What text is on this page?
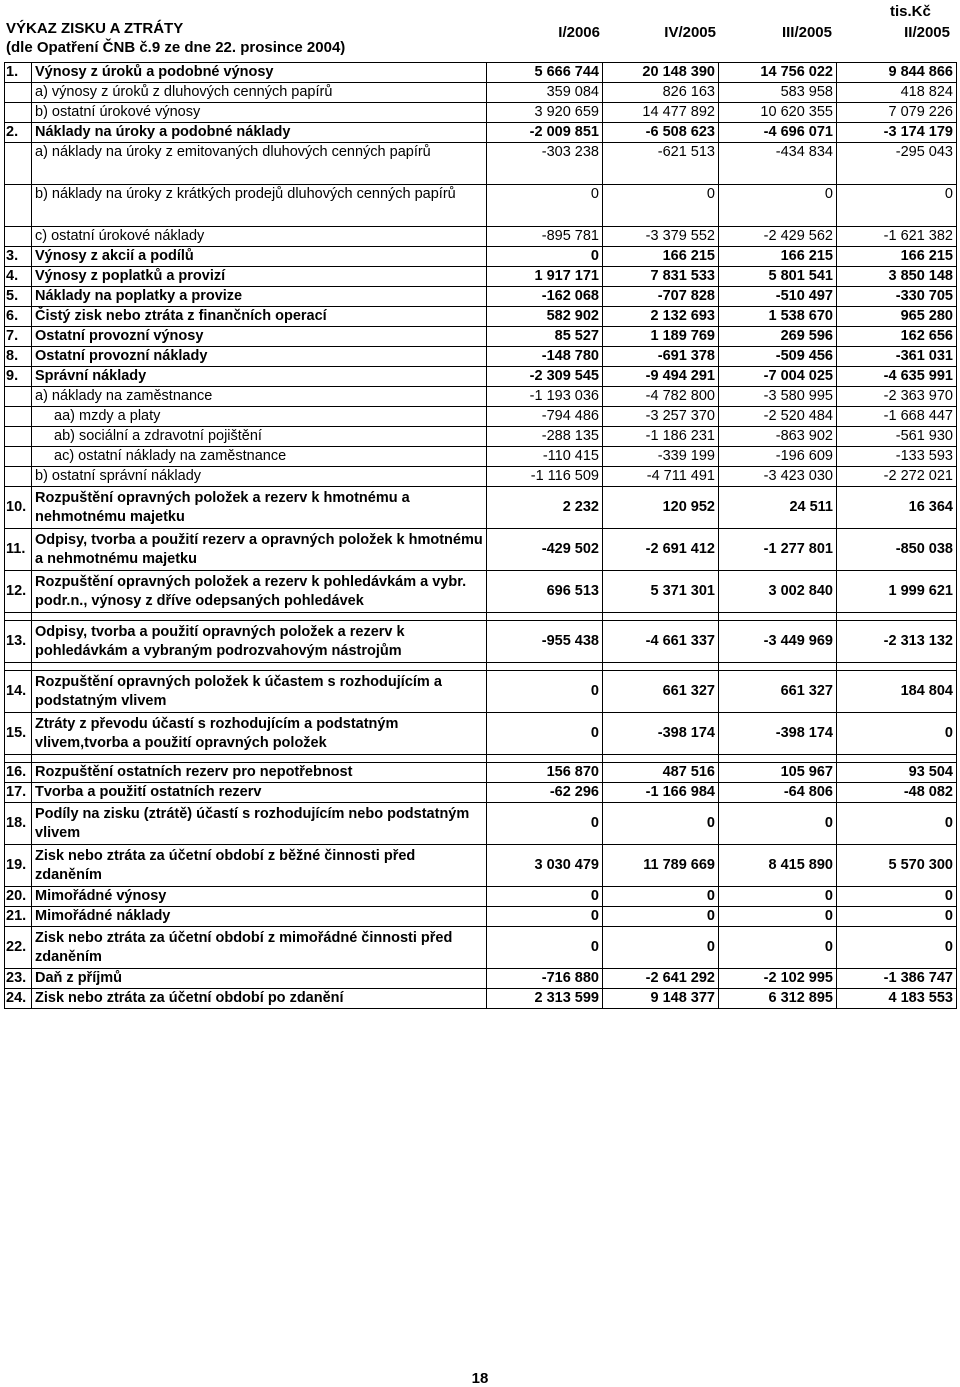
VÝKAZ ZISKU A ZTRÁTY
(dle Opatření ČNB č.9 ze dne 22. prosince 2004)
tis.Kč
I/2006	IV/2005	III/2005	II/2005
1.	Výnosy z úroků a podobné výnosy	5 666 744	20 148 390	14 756 022	9 844 866
	a) výnosy z úroků z dluhových cenných papírů	359 084	826 163	583 958	418 824
	b) ostatní úrokové výnosy	3 920 659	14 477 892	10 620 355	7 079 226
2.	Náklady na úroky a podobné náklady	-2 009 851	-6 508 623	-4 696 071	-3 174 179
	a) náklady na úroky z emitovaných dluhových cenných papírů	-303 238	-621 513	-434 834	-295 043
	b) náklady na úroky z krátkých prodejů dluhových cenných papírů	0	0	0	0
	c) ostatní úrokové náklady	-895 781	-3 379 552	-2 429 562	-1 621 382
3.	Výnosy z akcií a podílů	0	166 215	166 215	166 215
4.	Výnosy z poplatků a provizí	1 917 171	7 831 533	5 801 541	3 850 148
5.	Náklady na poplatky a provize	-162 068	-707 828	-510 497	-330 705
6.	Čistý zisk nebo ztráta z finančních operací	582 902	2 132 693	1 538 670	965 280
7.	Ostatní provozní výnosy	85 527	1 189 769	269 596	162 656
8.	Ostatní provozní náklady	-148 780	-691 378	-509 456	-361 031
9.	Správní náklady	-2 309 545	-9 494 291	-7 004 025	-4 635 991
	a) náklady na zaměstnance	-1 193 036	-4 782 800	-3 580 995	-2 363 970
	aa) mzdy a platy	-794 486	-3 257 370	-2 520 484	-1 668 447
	ab) sociální a zdravotní pojištění	-288 135	-1 186 231	-863 902	-561 930
	ac) ostatní náklady na zaměstnance	-110 415	-339 199	-196 609	-133 593
	b) ostatní správní náklady	-1 116 509	-4 711 491	-3 423 030	-2 272 021
10.	Rozpuštění opravných položek a rezerv k hmotnému a nehmotnému majetku	2 232	120 952	24 511	16 364
11.	Odpisy, tvorba a použití rezerv a opravných položek k hmotnému a nehmotnému majetku	-429 502	-2 691 412	-1 277 801	-850 038
12.	Rozpuštění opravných položek a rezerv k pohledávkám a vybr. podr.n., výnosy z dříve odepsaných pohledávek	696 513	5 371 301	3 002 840	1 999 621

13.	Odpisy, tvorba a použití opravných položek a rezerv k pohledávkám a vybraným podrozvahovým nástrojům	-955 438	-4 661 337	-3 449 969	-2 313 132

14.	Rozpuštění opravných položek k účastem s rozhodujícím a podstatným vlivem	0	661 327	661 327	184 804
15.	Ztráty z převodu účastí s rozhodujícím a podstatným vlivem,tvorba a použití opravných položek	0	-398 174	-398 174	0

16.	Rozpuštění ostatních rezerv pro nepotřebnost	156 870	487 516	105 967	93 504
17.	Tvorba a použití ostatních rezerv	-62 296	-1 166 984	-64 806	-48 082
18.	Podíly na zisku (ztrátě) účastí s rozhodujícím nebo podstatným vlivem	0	0	0	0
19.	Zisk nebo ztráta za účetní období z běžné činnosti před zdaněním	3 030 479	11 789 669	8 415 890	5 570 300
20.	Mimořádné výnosy	0	0	0	0
21.	Mimořádné náklady	0	0	0	0
22.	Zisk nebo ztráta za účetní období z mimořádné činnosti před zdaněním	0	0	0	0
23.	Daň z příjmů	-716 880	-2 641 292	-2 102 995	-1 386 747
24.	Zisk nebo ztráta za účetní období po zdanění	2 313 599	9 148 377	6 312 895	4 183 553
18
